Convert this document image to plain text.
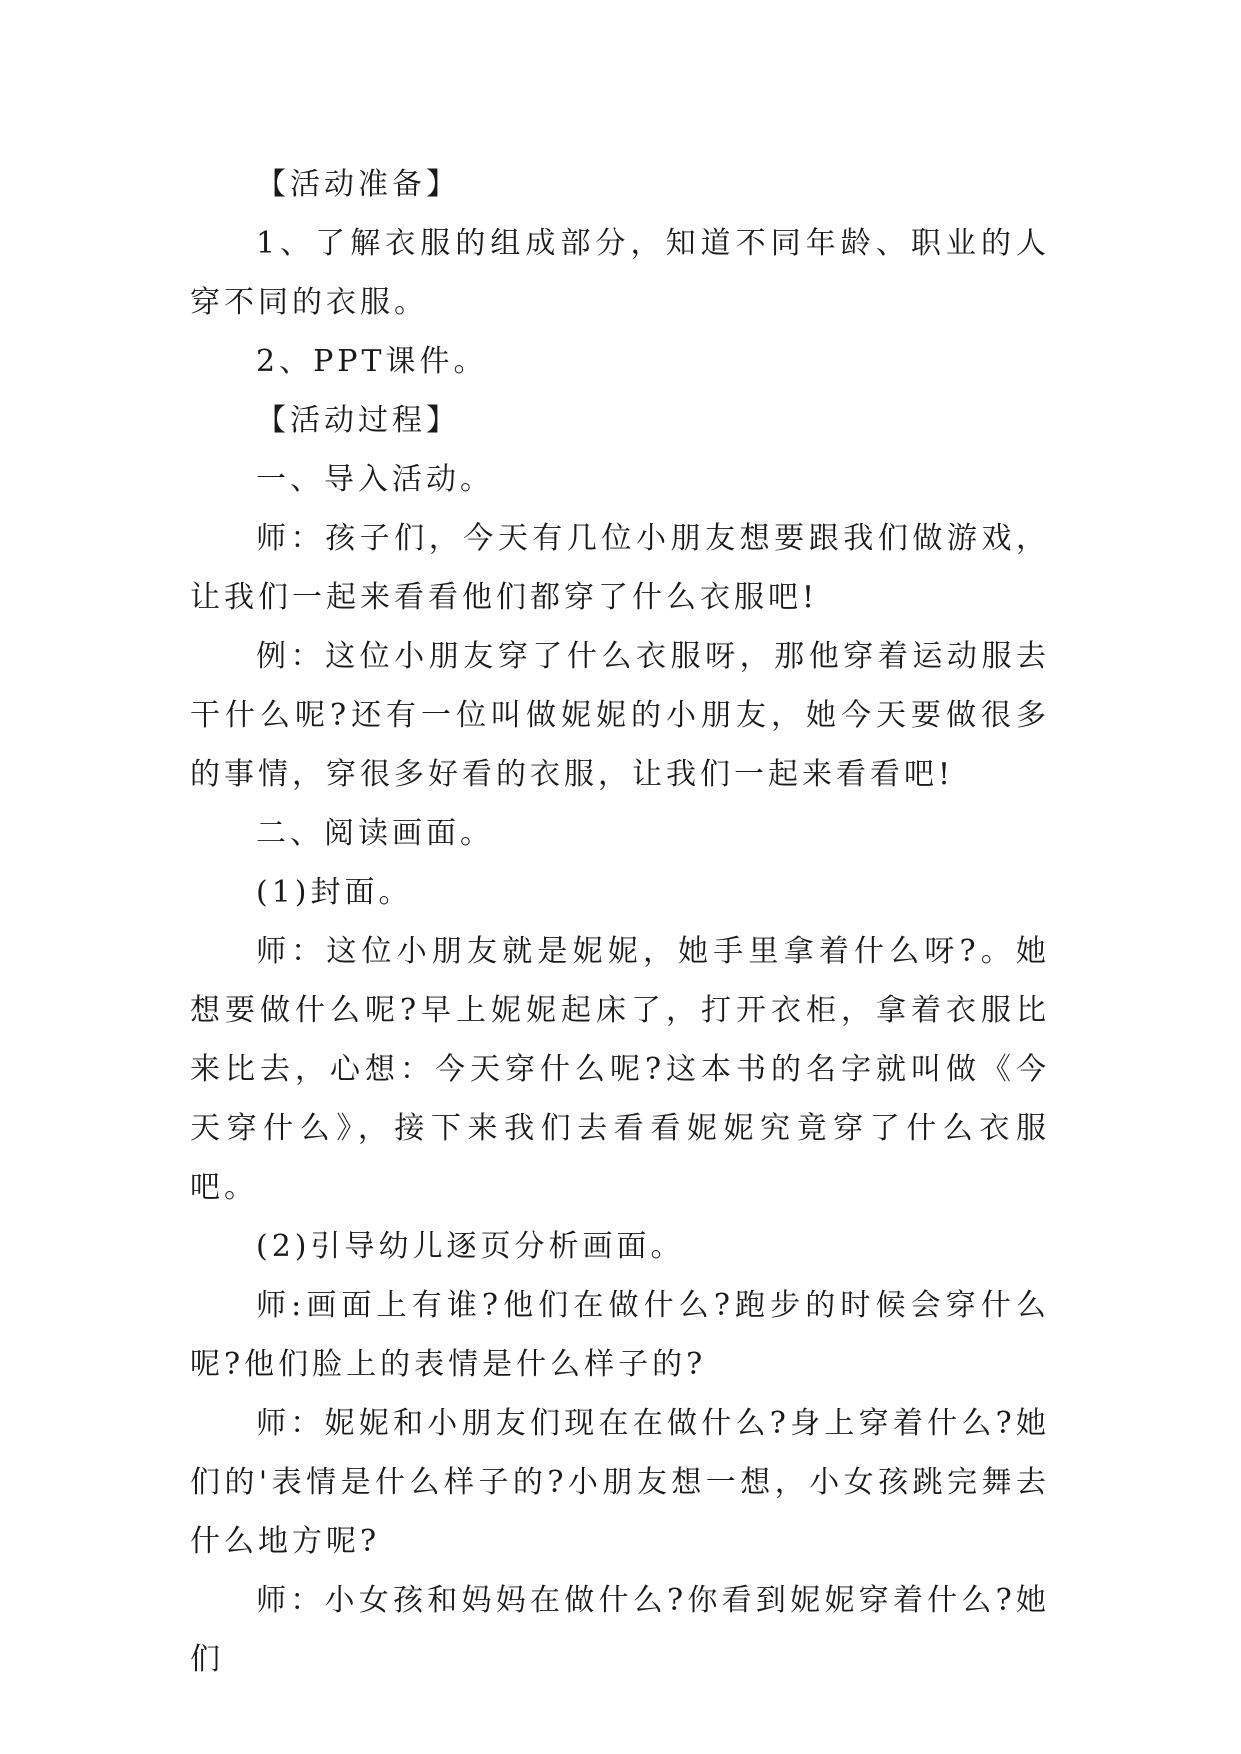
【活动准备】

1、了解衣服的组成部分，知道不同年龄、职业的人穿不同的衣服。

2、PPT课件。

【活动过程】

一、导入活动。

师：孩子们，今天有几位小朋友想要跟我们做游戏，让我们一起来看看他们都穿了什么衣服吧!

例：这位小朋友穿了什么衣服呀，那他穿着运动服去干什么呢?还有一位叫做妮妮的小朋友，她今天要做很多的事情，穿很多好看的衣服，让我们一起来看看吧!

二、阅读画面。

(1)封面。

师：这位小朋友就是妮妮，她手里拿着什么呀?。她想要做什么呢?早上妮妮起床了，打开衣柜，拿着衣服比来比去，心想：今天穿什么呢?这本书的名字就叫做《今天穿什么》，接下来我们去看看妮妮究竟穿了什么衣服吧。

(2)引导幼儿逐页分析画面。

师:画面上有谁?他们在做什么?跑步的时候会穿什么呢?他们脸上的表情是什么样子的?

师：妮妮和小朋友们现在在做什么?身上穿着什么?她们的'表情是什么样子的?小朋友想一想，小女孩跳完舞去什么地方呢?

师：小女孩和妈妈在做什么?你看到妮妮穿着什么?她们
